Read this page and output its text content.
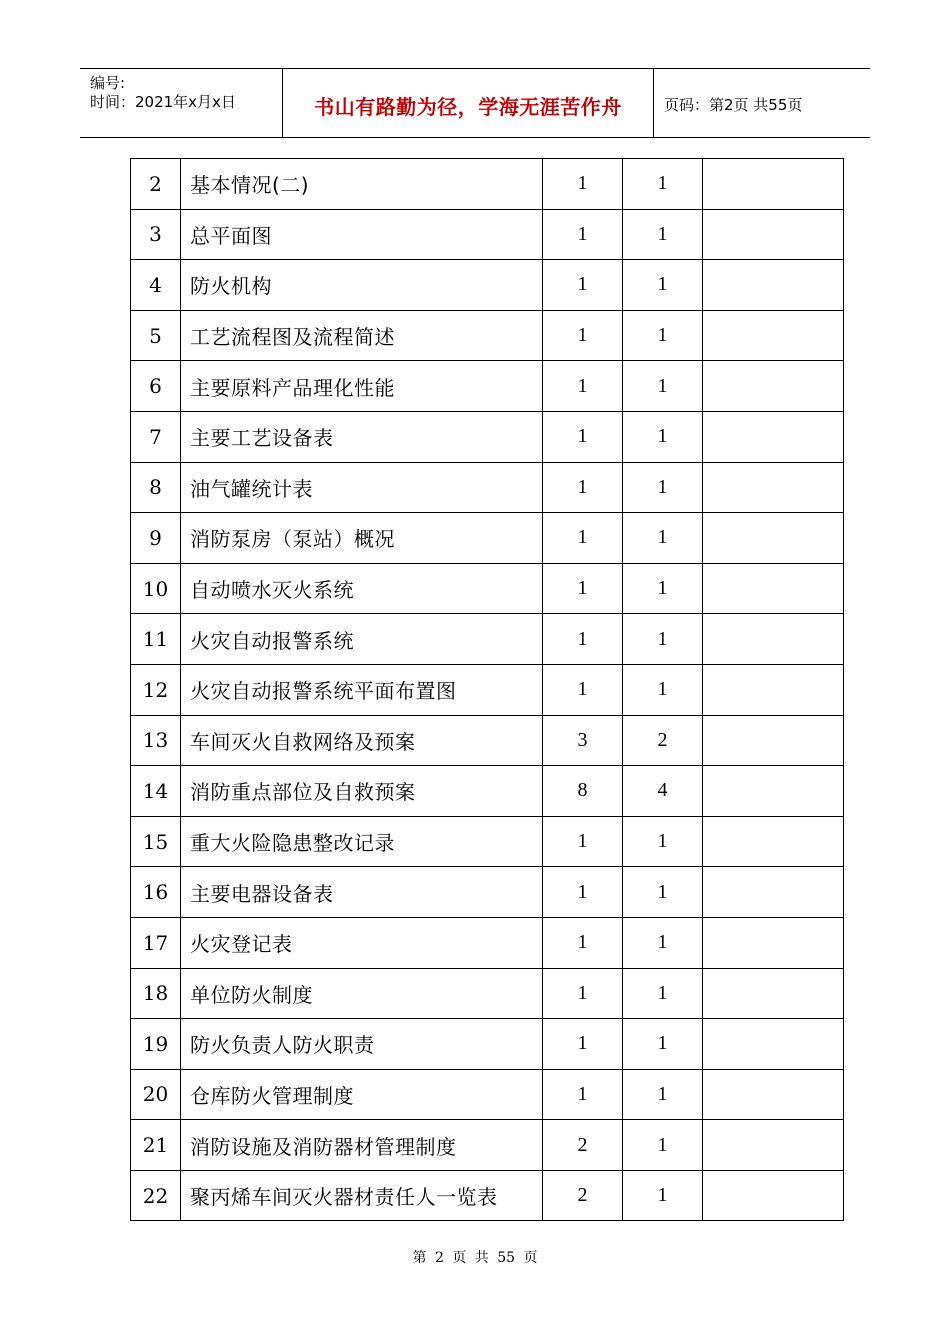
编号:
时间：2021年x月x日	书山有路勤为径，学海无涯苦作舟	页码：第2页 共55页
2	基本情况(二)	1	1	
3	总平面图	1	1	
4	防火机构	1	1	
5	工艺流程图及流程简述	1	1	
6	主要原料产品理化性能	1	1	
7	主要工艺设备表	1	1	
8	油气罐统计表	1	1	
9	消防泵房（泵站）概况	1	1	
10	自动喷水灭火系统	1	1	
11	火灾自动报警系统	1	1	
12	火灾自动报警系统平面布置图	1	1	
13	车间灭火自救网络及预案	3	2	
14	消防重点部位及自救预案	8	4	
15	重大火险隐患整改记录	1	1	
16	主要电器设备表	1	1	
17	火灾登记表	1	1	
18	单位防火制度	1	1	
19	防火负责人防火职责	1	1	
20	仓库防火管理制度	1	1	
21	消防设施及消防器材管理制度	2	1	
22	聚丙烯车间灭火器材责任人一览表	2	1	
第 2 页 共 55 页
